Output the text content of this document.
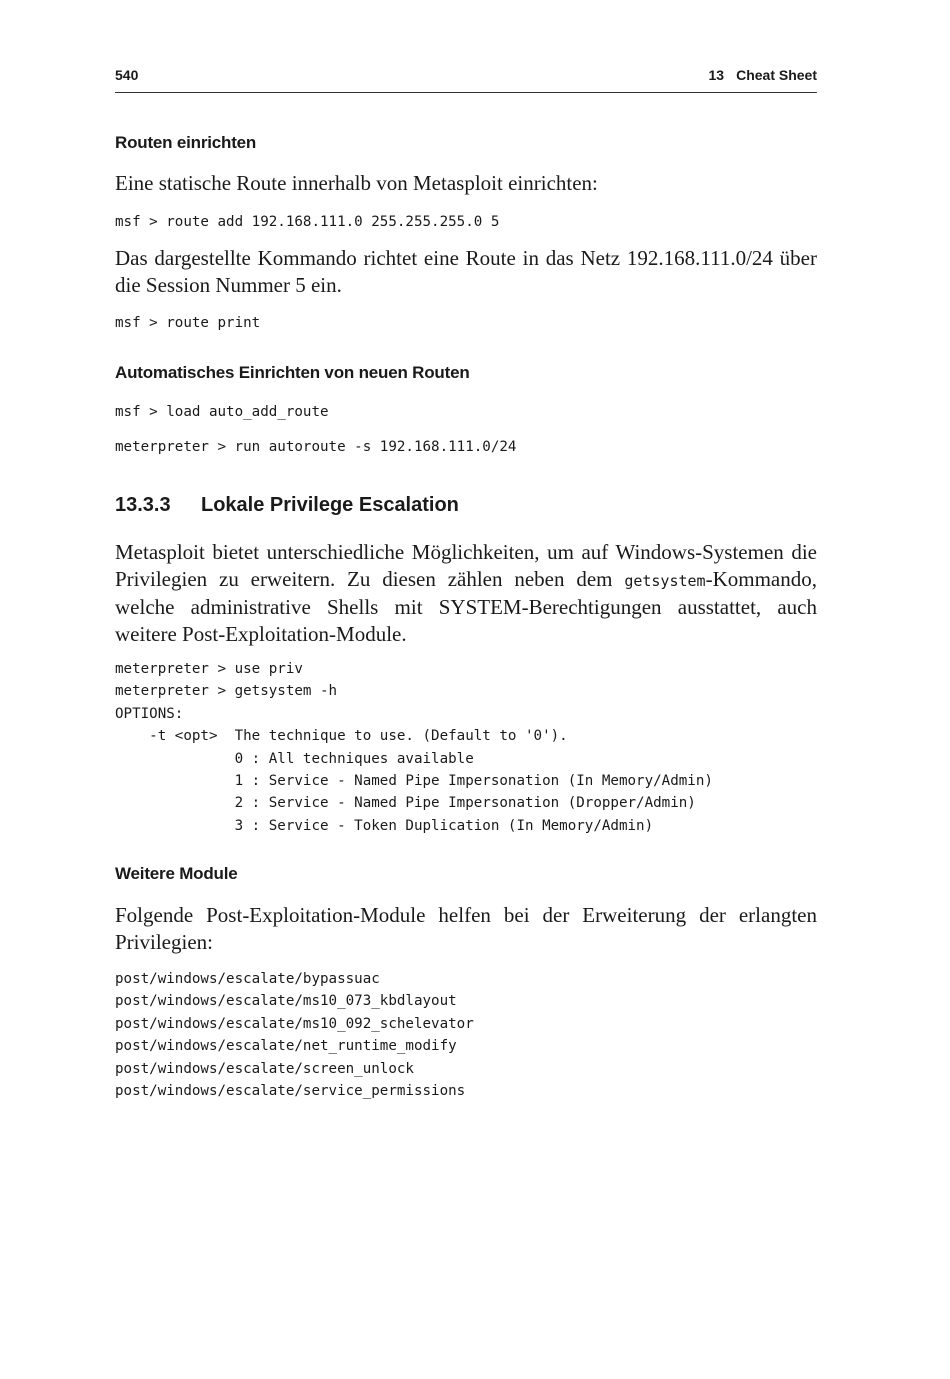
540	13 Cheat Sheet
Routen einrichten
Eine statische Route innerhalb von Metasploit einrichten:
msf > route add 192.168.111.0 255.255.255.0 5
Das dargestellte Kommando richtet eine Route in das Netz 192.168.111.0/24 über die Session Nummer 5 ein.
msf > route print
Automatisches Einrichten von neuen Routen
msf > load auto_add_route
meterpreter > run autoroute -s 192.168.111.0/24
13.3.3 Lokale Privilege Escalation
Metasploit bietet unterschiedliche Möglichkeiten, um auf Windows-Systemen die Privilegien zu erweitern. Zu diesen zählen neben dem getsystem-Kommando, welche administrative Shells mit SYSTEM-Berechtigungen ausstattet, auch weitere Post-Exploitation-Module.
meterpreter > use priv
meterpreter > getsystem -h
OPTIONS:
-t <opt>  The technique to use. (Default to '0').
0 : All techniques available
1 : Service - Named Pipe Impersonation (In Memory/Admin)
2 : Service - Named Pipe Impersonation (Dropper/Admin)
3 : Service - Token Duplication (In Memory/Admin)
Weitere Module
Folgende Post-Exploitation-Module helfen bei der Erweiterung der erlangten Privilegien:
post/windows/escalate/bypassuac
post/windows/escalate/ms10_073_kbdlayout
post/windows/escalate/ms10_092_schelevator
post/windows/escalate/net_runtime_modify
post/windows/escalate/screen_unlock
post/windows/escalate/service_permissions
